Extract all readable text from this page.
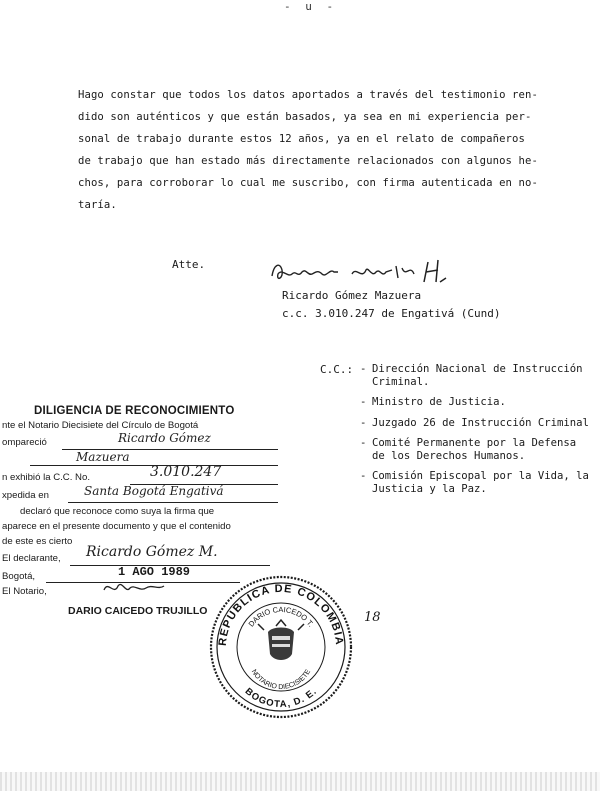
- u -
Hago constar que todos los datos aportados a través del testimonio ren-
dido son auténticos y que están basados, ya sea en mi experiencia per-
sonal de trabajo durante estos 12 años, ya en el relato de compañeros
de trabajo que han estado más directamente relacionados con algunos he-
chos, para corroborar lo cual me suscribo, con firma autenticada en no-
taría.
Atte.
Ricardo Gómez Mazuera
c.c. 3.010.247 de Engativá (Cund)
C.C.:
- Dirección Nacional de Instrucción Criminal.
- Ministro de Justicia.
- Juzgado 26 de Instrucción Criminal
- Comité Permanente por la Defensa de los Derechos Humanos.
- Comisión Episcopal por la Vida, la Justicia y la Paz.
DILIGENCIA DE RECONOCIMIENTO
nte el Notario Diecisiete del Círculo de Bogotá
ompareció	Ricardo Gómez
Mazuera
n exhibió la C.C. No.	3.010.247
xpedida en	Santa Bogotá Engativá
declaró que reconoce como suya la firma que
aparece en el presente documento y que el contenido
de este es cierto
El declarante, Ricardo Gómez M.
Bogotá,	1 AGO 1989
El Notario,
DARIO CAICEDO TRUJILLO
REPUBLICA DE COLOMBIA
BOGOTA, D. E.
DARIO CAICEDO T.
NOTARIO DIECISIETE
18
